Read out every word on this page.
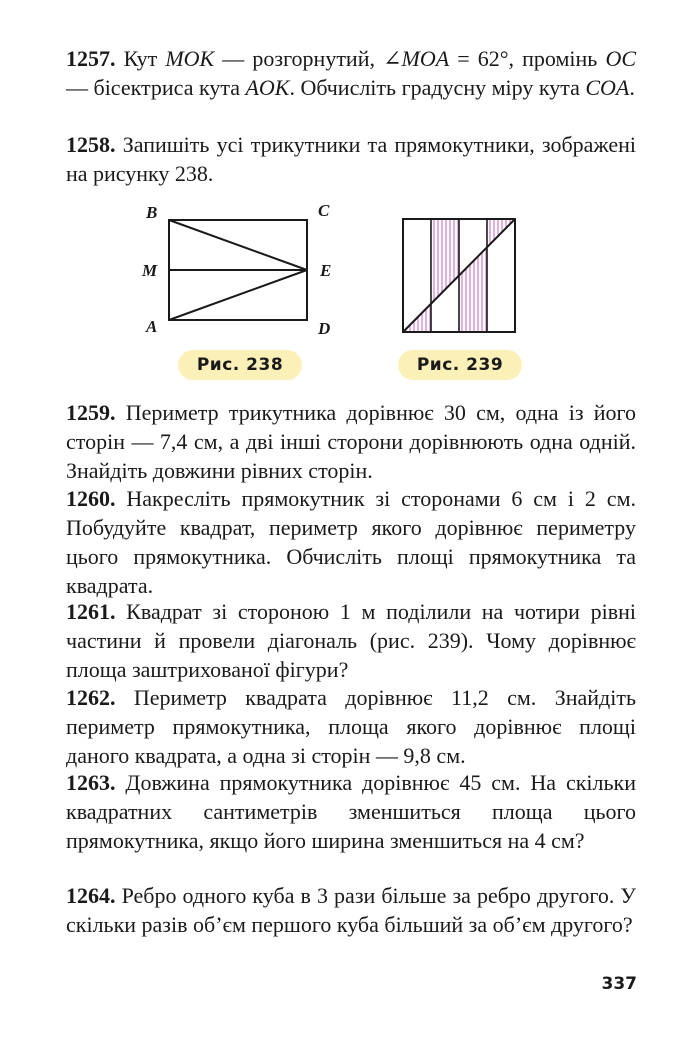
1257. Кут MOK — розгорнутий, ∠MOA = 62°, промінь OC — бісектриса кута AOK. Обчисліть градусну міру кута COA.
1258. Запишіть усі трикутники та прямокутники, зображені на рисунку 238.
B	C
M	E
A	D
Рис. 238	Рис. 239
1259. Периметр трикутника дорівнює 30 см, одна із його сторін — 7,4 см, а дві інші сторони дорівнюють одна одній. Знайдіть довжини рівних сторін.
1260. Накресліть прямокутник зі сторонами 6 см і 2 см. Побудуйте квадрат, периметр якого дорівнює периметру цього прямокутника. Обчисліть площі прямокутника та квадрата.
1261. Квадрат зі стороною 1 м поділили на чотири рівні частини й провели діагональ (рис. 239). Чому дорівнює площа заштрихованої фігури?
1262. Периметр квадрата дорівнює 11,2 см. Знайдіть периметр прямокутника, площа якого дорівнює площі даного квадрата, а одна зі сторін — 9,8 см.
1263. Довжина прямокутника дорівнює 45 см. На скільки квадратних сантиметрів зменшиться площа цього прямокутника, якщо його ширина зменшиться на 4 см?
1264. Ребро одного куба в 3 рази більше за ребро другого. У скільки разів об’єм першого куба більший за об’єм другого?
337
